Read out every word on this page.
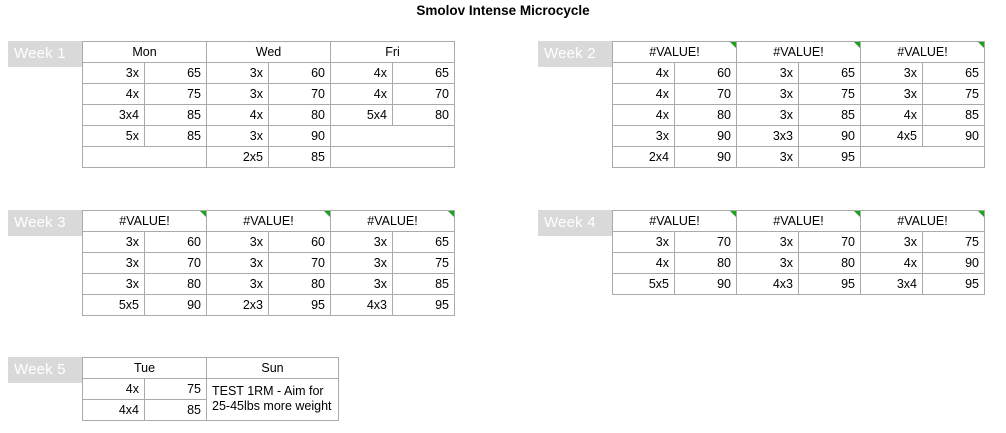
Smolov Intense Microcycle
Week 1	Mon		Wed		Fri	
3x	65	3x	60	4x	65
4x	75	3x	70	4x	70
3x4	85	4x	80	5x4	80
5x	85	3x	90		
		2x5	85		
Week 2	#VALUE!		#VALUE!		#VALUE!	
4x	60	3x	65	3x	65
4x	70	3x	75	3x	75
4x	80	3x	85	4x	85
3x	90	3x3	90	4x5	90
2x4	90	3x	95		
Week 3	#VALUE!		#VALUE!		#VALUE!	
3x	60	3x	60	3x	65
3x	70	3x	70	3x	75
3x	80	3x	80	3x	85
5x5	90	2x3	95	4x3	95
Week 4	#VALUE!		#VALUE!		#VALUE!	
3x	70	3x	70	3x	75
4x	80	3x	80	4x	90
5x5	90	4x3	95	3x4	95
Week 5	Tue		Sun
4x	75	TEST 1RM - Aim for 25-45lbs more weight
4x4	85	
